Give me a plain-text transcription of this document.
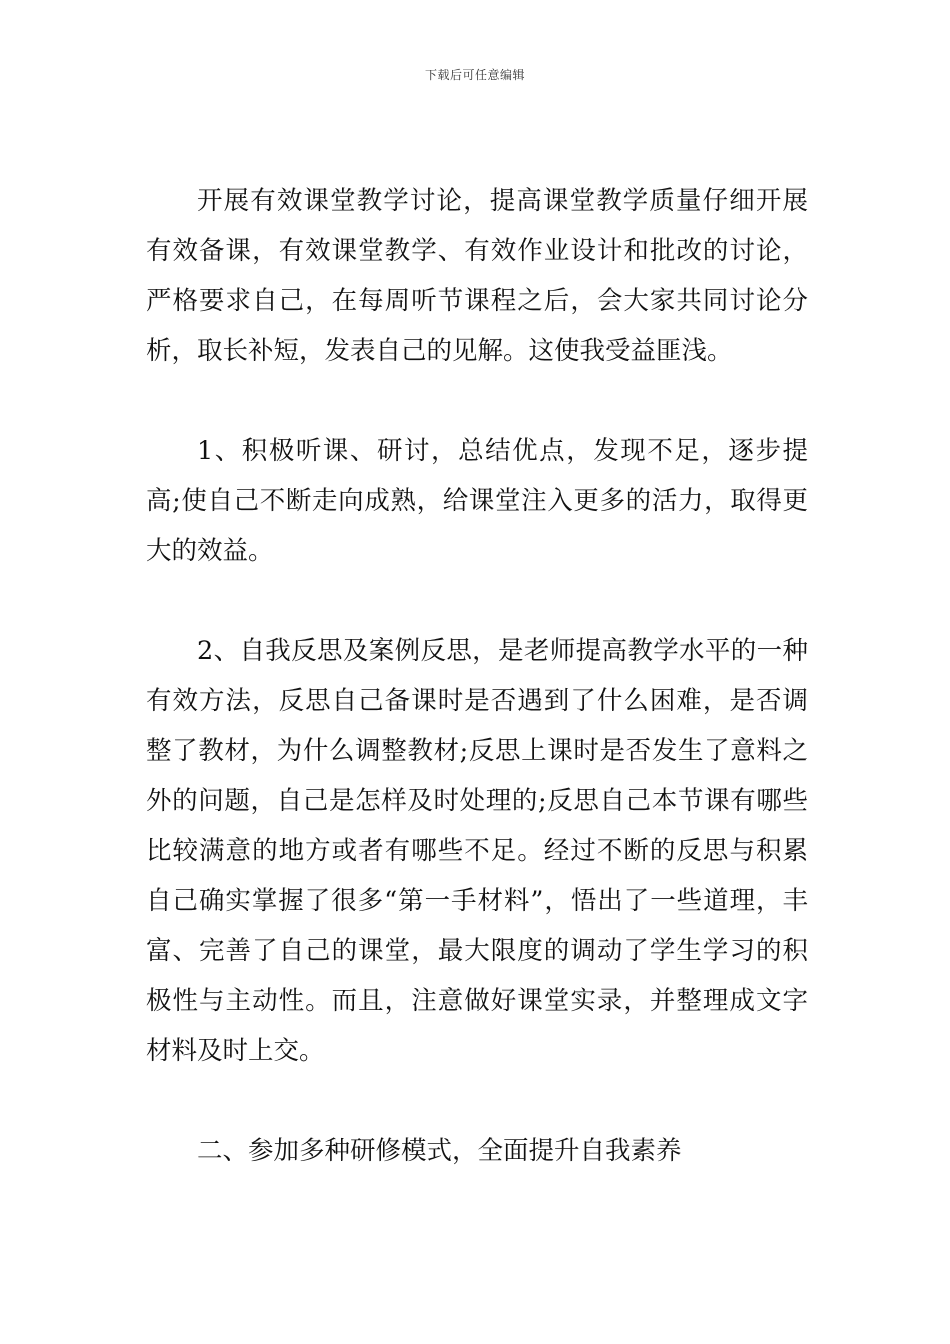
下载后可任意编辑

开展有效课堂教学讨论，提高课堂教学质量仔细开展有效备课，有效课堂教学、有效作业设计和批改的讨论，严格要求自己，在每周听节课程之后，会大家共同讨论分析，取长补短，发表自己的见解。这使我受益匪浅。

1、积极听课、研讨，总结优点，发现不足，逐步提高;使自己不断走向成熟，给课堂注入更多的活力，取得更大的效益。

2、自我反思及案例反思，是老师提高教学水平的一种有效方法，反思自己备课时是否遇到了什么困难，是否调整了教材，为什么调整教材;反思上课时是否发生了意料之外的问题，自己是怎样及时处理的;反思自己本节课有哪些比较满意的地方或者有哪些不足。经过不断的反思与积累自己确实掌握了很多“第一手材料”，悟出了一些道理，丰富、完善了自己的课堂，最大限度的调动了学生学习的积极性与主动性。而且，注意做好课堂实录，并整理成文字材料及时上交。

二、参加多种研修模式，全面提升自我素养
